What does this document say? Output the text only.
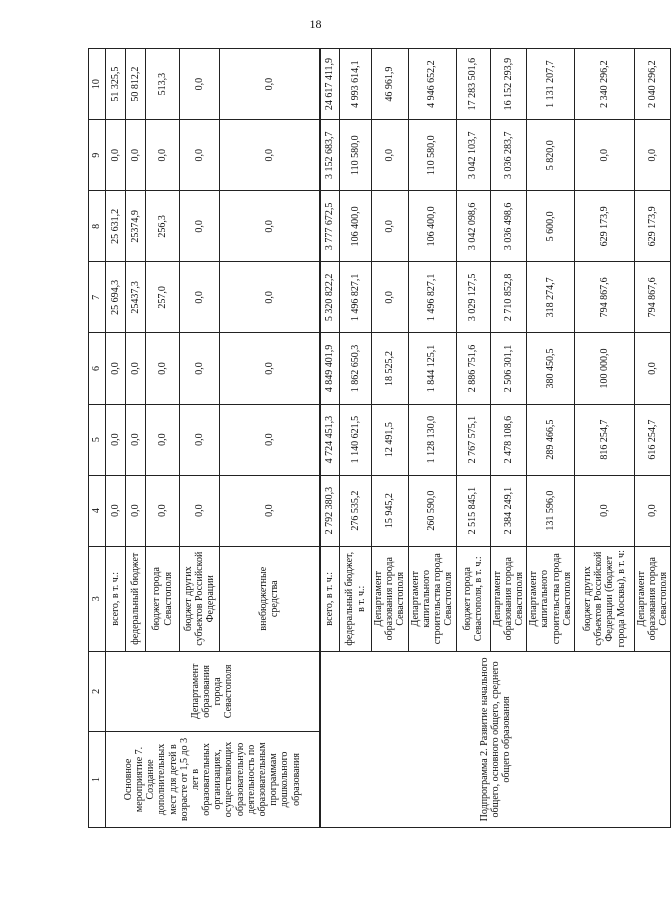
18
1	2	3	4	5	6	7	8	9	10
Основное мероприятие 7. Создание дополнительных мест для детей в возрасте от 1,5 до 3 лет в образовательных организациях, осуществляющих образовательную деятельность по образовательным программам дошкольного образования	Департамент образования города Севастополя	всего, в т. ч.:	0,0	0,0	0,0	25 694,3	25 631,2	0,0	51 325,5
		федеральный бюджет	0,0	0,0	0,0	25437,3	25374,9	0,0	50 812,2
		бюджет города Севастополя	0,0	0,0	0,0	257,0	256,3	0,0	513,3
		бюджет других субъектов Российской Федерации	0,0	0,0	0,0	0,0	0,0	0,0	0,0
		внебюджетные средства	0,0	0,0	0,0	0,0	0,0	0,0	0,0
Подпрограмма 2. Развитие начального общего, основного общего, среднего общего образования		всего, в т. ч.:	2 792 380,3	4 724 451,3	4 849 401,9	5 320 822,2	3 777 672,5	3 152 683,7	24 617 411,9
		федеральный бюджет, в т. ч.:	276 535,2	1 140 621,5	1 862 650,3	1 496 827,1	106 400,0	110 580,0	4 993 614,1
		Департамент образования города Севастополя	15 945,2	12 491,5	18 525,2	0,0	0,0	0,0	46 961,9
		Департамент капитального строительства города Севастополя	260 590,0	1 128 130,0	1 844 125,1	1 496 827,1	106 400,0	110 580,0	4 946 652,2
		бюджет города Севастополя, в т. ч.:	2 515 845,1	2 767 575,1	2 886 751,6	3 029 127,5	3 042 098,6	3 042 103,7	17 283 501,6
		Департамент образования города Севастополя	2 384 249,1	2 478 108,6	2 506 301,1	2 710 852,8	3 036 498,6	3 036 283,7	16 152 293,9
		Департамент капитального строительства города Севастополя	131 596,0	289 466,5	380 450,5	318 274,7	5 600,0	5 820,0	1 131 207,7
		бюджет других субъектов Российской Федерации (бюджет города Москвы), в т. ч:	0,0	816 254,7	100 000,0	794 867,6	629 173,9	0,0	2 340 296,2
		Департамент образования города Севастополя	0,0	616 254,7	0,0	794 867,6	629 173,9	0,0	2 040 296,2
